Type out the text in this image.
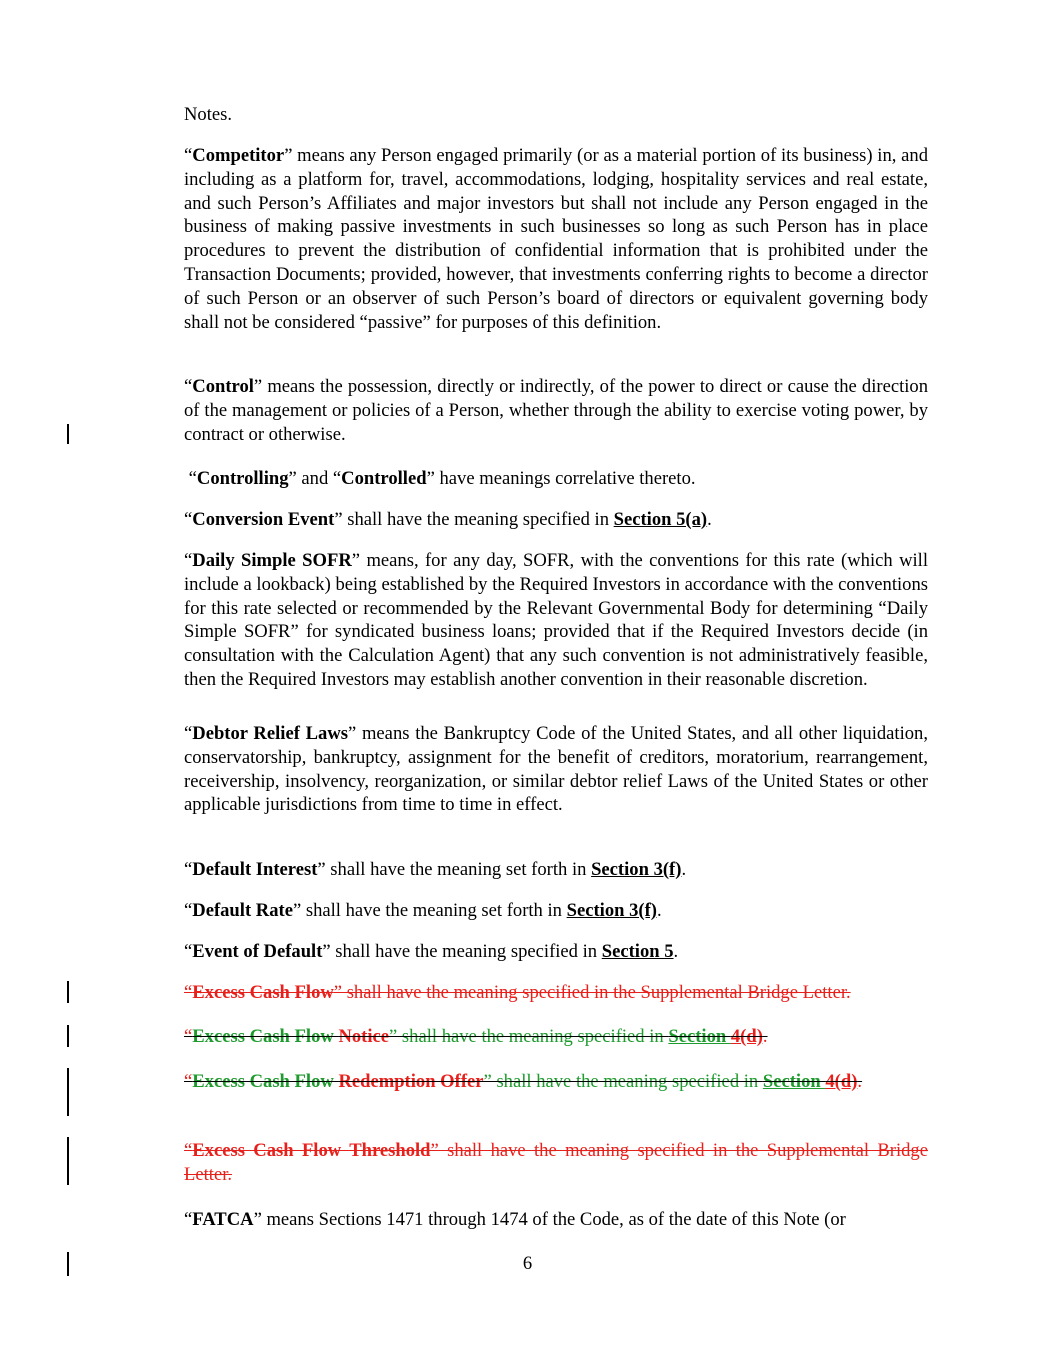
Notes.

“Competitor” means any Person engaged primarily (or as a material portion of its business) in, and including as a platform for, travel, accommodations, lodging, hospitality services and real estate, and such Person’s Affiliates and major investors but shall not include any Person engaged in the business of making passive investments in such businesses so long as such Person has in place procedures to prevent the distribution of confidential information that is prohibited under the Transaction Documents; provided, however, that investments conferring rights to become a director of such Person or an observer of such Person’s board of directors or equivalent governing body shall not be considered “passive” for purposes of this definition.

“Control” means the possession, directly or indirectly, of the power to direct or cause the direction of the management or policies of a Person, whether through the ability to exercise voting power, by contract or otherwise.

“Controlling” and “Controlled” have meanings correlative thereto.

“Conversion Event” shall have the meaning specified in Section 5(a).

“Daily Simple SOFR” means, for any day, SOFR, with the conventions for this rate (which will include a lookback) being established by the Required Investors in accordance with the conventions for this rate selected or recommended by the Relevant Governmental Body for determining “Daily Simple SOFR” for syndicated business loans; provided that if the Required Investors decide (in consultation with the Calculation Agent) that any such convention is not administratively feasible, then the Required Investors may establish another convention in their reasonable discretion.

“Debtor Relief Laws” means the Bankruptcy Code of the United States, and all other liquidation, conservatorship, bankruptcy, assignment for the benefit of creditors, moratorium, rearrangement, receivership, insolvency, reorganization, or similar debtor relief Laws of the United States or other applicable jurisdictions from time to time in effect.

“Default Interest” shall have the meaning set forth in Section 3(f).

“Default Rate” shall have the meaning set forth in Section 3(f).

“Event of Default” shall have the meaning specified in Section 5.

“Excess Cash Flow” shall have the meaning specified in the Supplemental Bridge Letter.

“Excess Cash Flow Notice” shall have the meaning specified in Section 4(d).

“Excess Cash Flow Redemption Offer” shall have the meaning specified in Section 4(d).

“Excess Cash Flow Threshold” shall have the meaning specified in the Supplemental Bridge Letter.

“FATCA” means Sections 1471 through 1474 of the Code, as of the date of this Note (or

6
